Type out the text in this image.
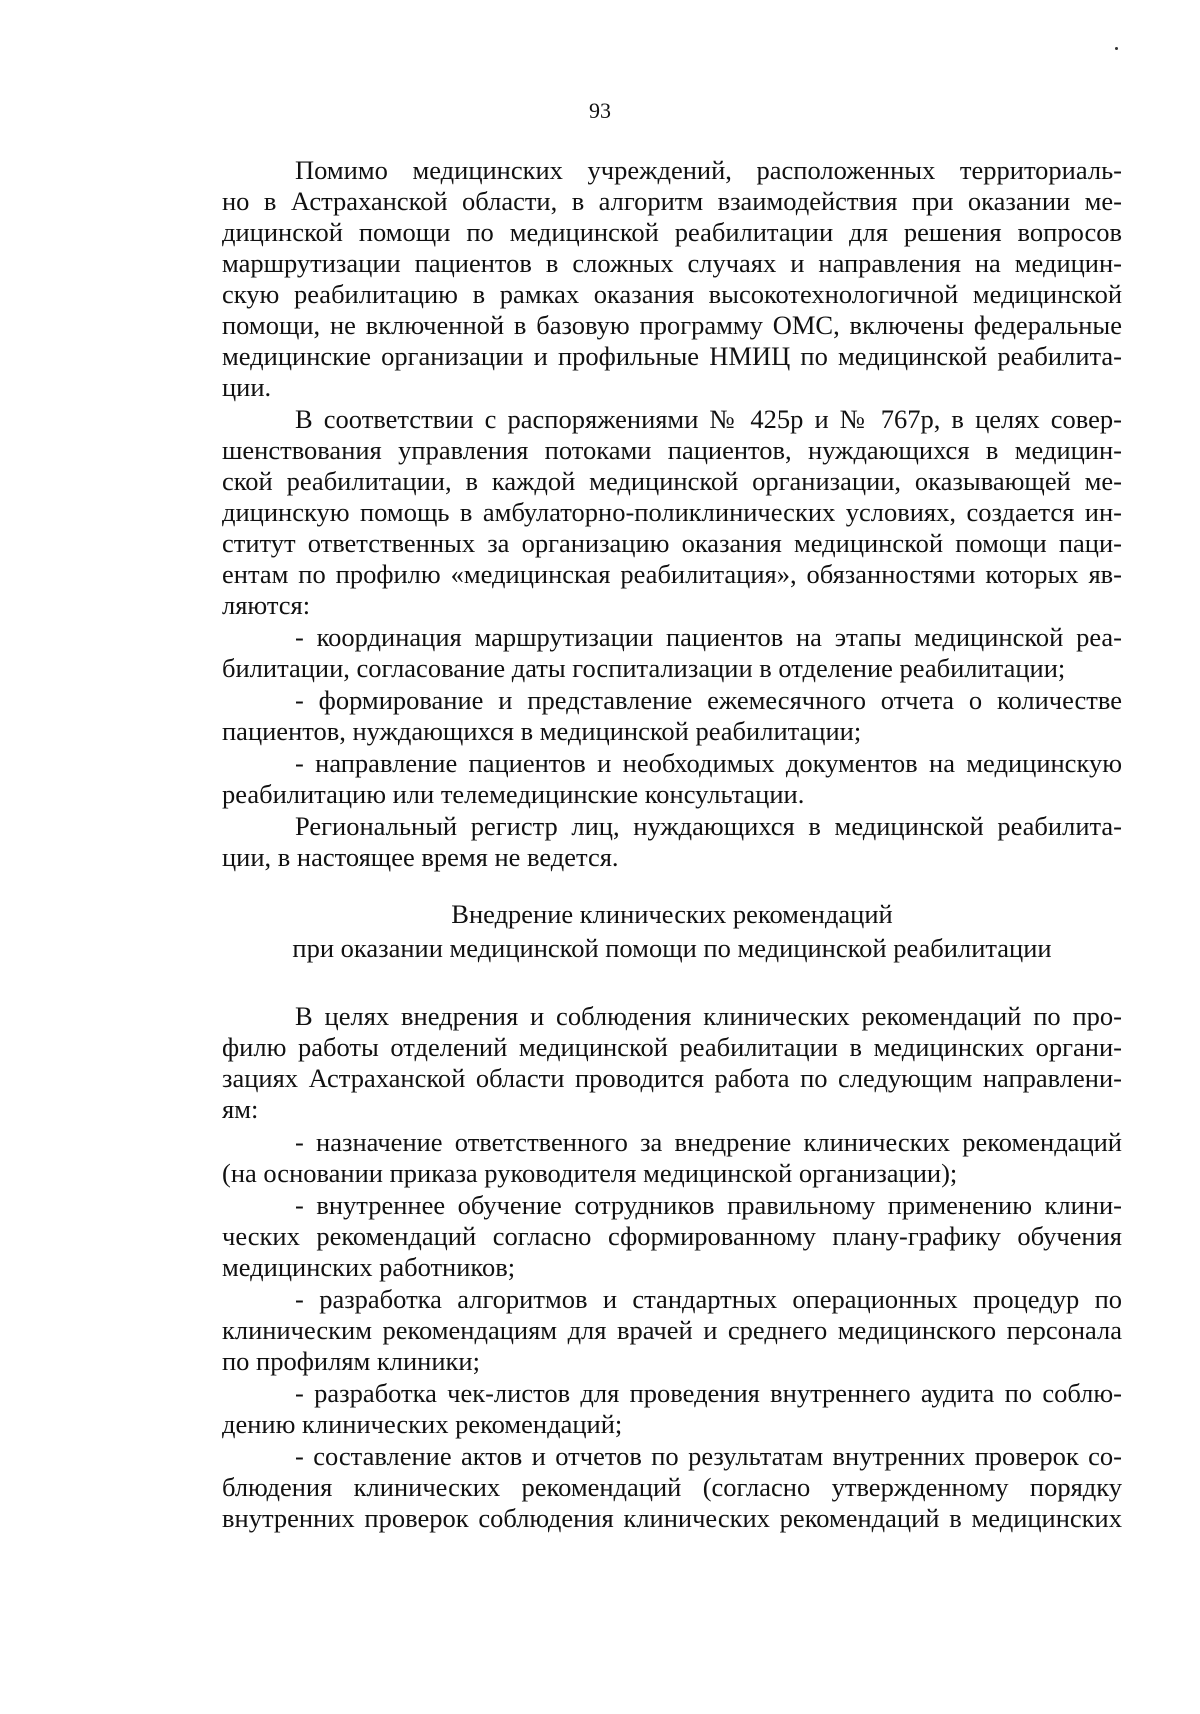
93
Помимо медицинских учреждений, расположенных территориаль-
но в Астраханской области, в алгоритм взаимодействия при оказании ме-
дицинской помощи по медицинской реабилитации для решения вопросов
маршрутизации пациентов в сложных случаях и направления на медицин-
скую реабилитацию в рамках оказания высокотехнологичной медицинской
помощи, не включенной в базовую программу ОМС, включены федеральные
медицинские организации и профильные НМИЦ по медицинской реабилита-
ции.
В соответствии с распоряжениями № 425р и № 767р, в целях совер-
шенствования управления потоками пациентов, нуждающихся в медицин-
ской реабилитации, в каждой медицинской организации, оказывающей ме-
дицинскую помощь в амбулаторно-поликлинических условиях, создается ин-
ститут ответственных за организацию оказания медицинской помощи паци-
ентам по профилю «медицинская реабилитация», обязанностями которых яв-
ляются:
- координация маршрутизации пациентов на этапы медицинской реа-
билитации, согласование даты госпитализации в отделение реабилитации;
- формирование и представление ежемесячного отчета о количестве
пациентов, нуждающихся в медицинской реабилитации;
- направление пациентов и необходимых документов на медицинскую
реабилитацию или телемедицинские консультации.
Региональный регистр лиц, нуждающихся в медицинской реабилита-
ции, в настоящее время не ведется.
Внедрение клинических рекомендаций
при оказании медицинской помощи по медицинской реабилитации
В целях внедрения и соблюдения клинических рекомендаций по про-
филю работы отделений медицинской реабилитации в медицинских органи-
зациях Астраханской области проводится работа по следующим направлени-
ям:
- назначение ответственного за внедрение клинических рекомендаций
(на основании приказа руководителя медицинской организации);
- внутреннее обучение сотрудников правильному применению клини-
ческих рекомендаций согласно сформированному плану-графику обучения
медицинских работников;
- разработка алгоритмов и стандартных операционных процедур по
клиническим рекомендациям для врачей и среднего медицинского персонала
по профилям клиники;
- разработка чек-листов для проведения внутреннего аудита по соблю-
дению клинических рекомендаций;
- составление актов и отчетов по результатам внутренних проверок со-
блюдения клинических рекомендаций (согласно утвержденному порядку
внутренних проверок соблюдения клинических рекомендаций в медицинских
